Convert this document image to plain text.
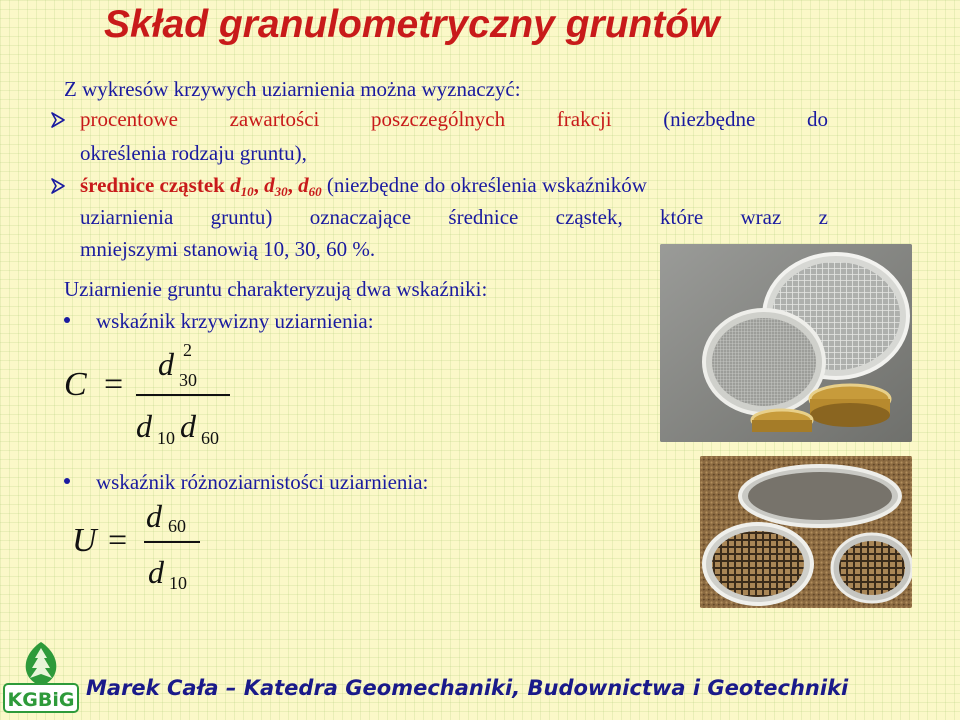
Skład granulometryczny gruntów
Z wykresów krzywych uziarnienia można wyznaczyć:
procentowe zawartości poszczególnych frakcji (niezbędne do
określenia rodzaju gruntu),
średnice cząstek $d_{10}$, $d_{30}$, $d_{60}$ (niezbędne do określenia wskaźników
uziarnienia gruntu) oznaczające średnice cząstek, które wraz z
mniejszymi stanowią 10, 30, 60 %.
Uziarnienie gruntu charakteryzują dwa wskaźniki:
wskaźnik krzywizny uziarnienia:
C =
d 2
30
d 10 d 60
wskaźnik różnoziarnistości uziarnienia:
U =
d 60
d 10
KGBiG Marek Cała – Katedra Geomechaniki, Budownictwa i Geotechniki
